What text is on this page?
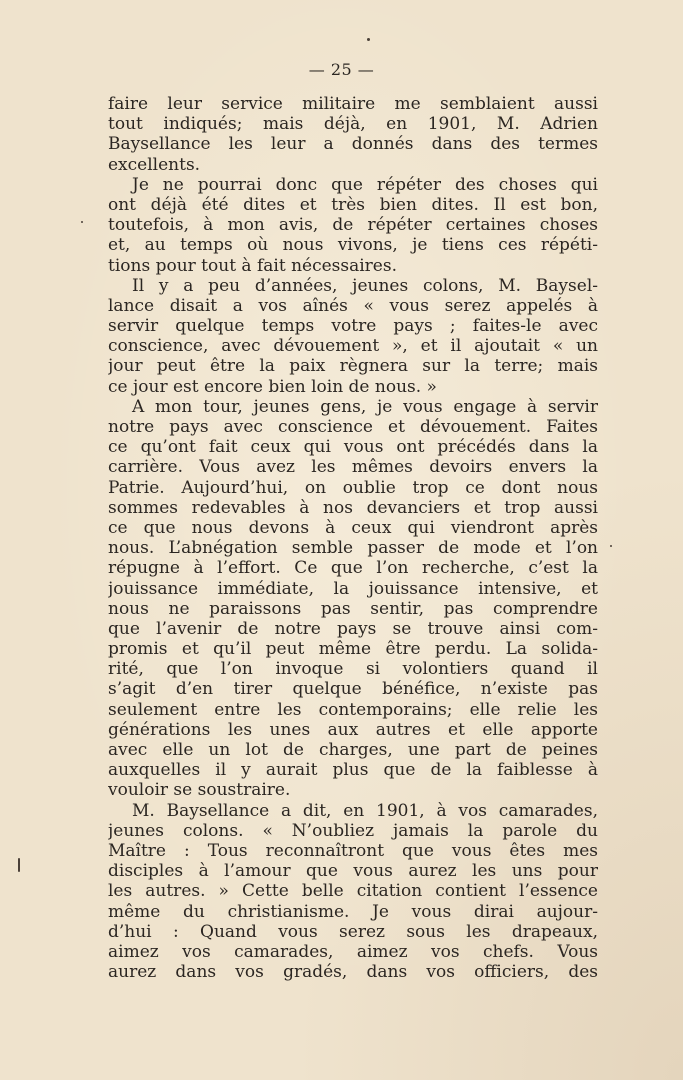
— 25 —
faire leur service militaire me semblaient aussi
tout indiqués; mais déjà, en 1901, M. Adrien
Baysellance les leur a donnés dans des termes
excellents.
Je ne pourrai donc que répéter des choses qui
ont déjà été dites et très bien dites. Il est bon,
toutefois, à mon avis, de répéter certaines choses
et, au temps où nous vivons, je tiens ces répéti-
tions pour tout à fait nécessaires.
Il y a peu d’années, jeunes colons, M. Baysel-
lance disait a vos aînés « vous serez appelés à
servir quelque temps votre pays ; faites-le avec
conscience, avec dévouement », et il ajoutait « un
jour peut être la paix règnera sur la terre; mais
ce jour est encore bien loin de nous. »
A mon tour, jeunes gens, je vous engage à servir
notre pays avec conscience et dévouement. Faites
ce qu’ont fait ceux qui vous ont précédés dans la
carrière. Vous avez les mêmes devoirs envers la
Patrie. Aujourd’hui, on oublie trop ce dont nous
sommes redevables à nos devanciers et trop aussi
ce que nous devons à ceux qui viendront après
nous. L’abnégation semble passer de mode et l’on
répugne à l’effort. Ce que l’on recherche, c’est la
jouissance immédiate, la jouissance intensive, et
nous ne paraissons pas sentir, pas comprendre
que l’avenir de notre pays se trouve ainsi com-
promis et qu’il peut même être perdu. La solida-
rité, que l’on invoque si volontiers quand il
s’agit d’en tirer quelque bénéfice, n’existe pas
seulement entre les contemporains; elle relie les
générations les unes aux autres et elle apporte
avec elle un lot de charges, une part de peines
auxquelles il y aurait plus que de la faiblesse à
vouloir se soustraire.
M. Baysellance a dit, en 1901, à vos camarades,
jeunes colons. « N’oubliez jamais la parole du
Maître : Tous reconnaîtront que vous êtes mes
disciples à l’amour que vous aurez les uns pour
les autres. » Cette belle citation contient l’essence
même du christianisme. Je vous dirai aujour-
d’hui : Quand vous serez sous les drapeaux,
aimez vos camarades, aimez vos chefs. Vous
aurez dans vos gradés, dans vos officiers, des
